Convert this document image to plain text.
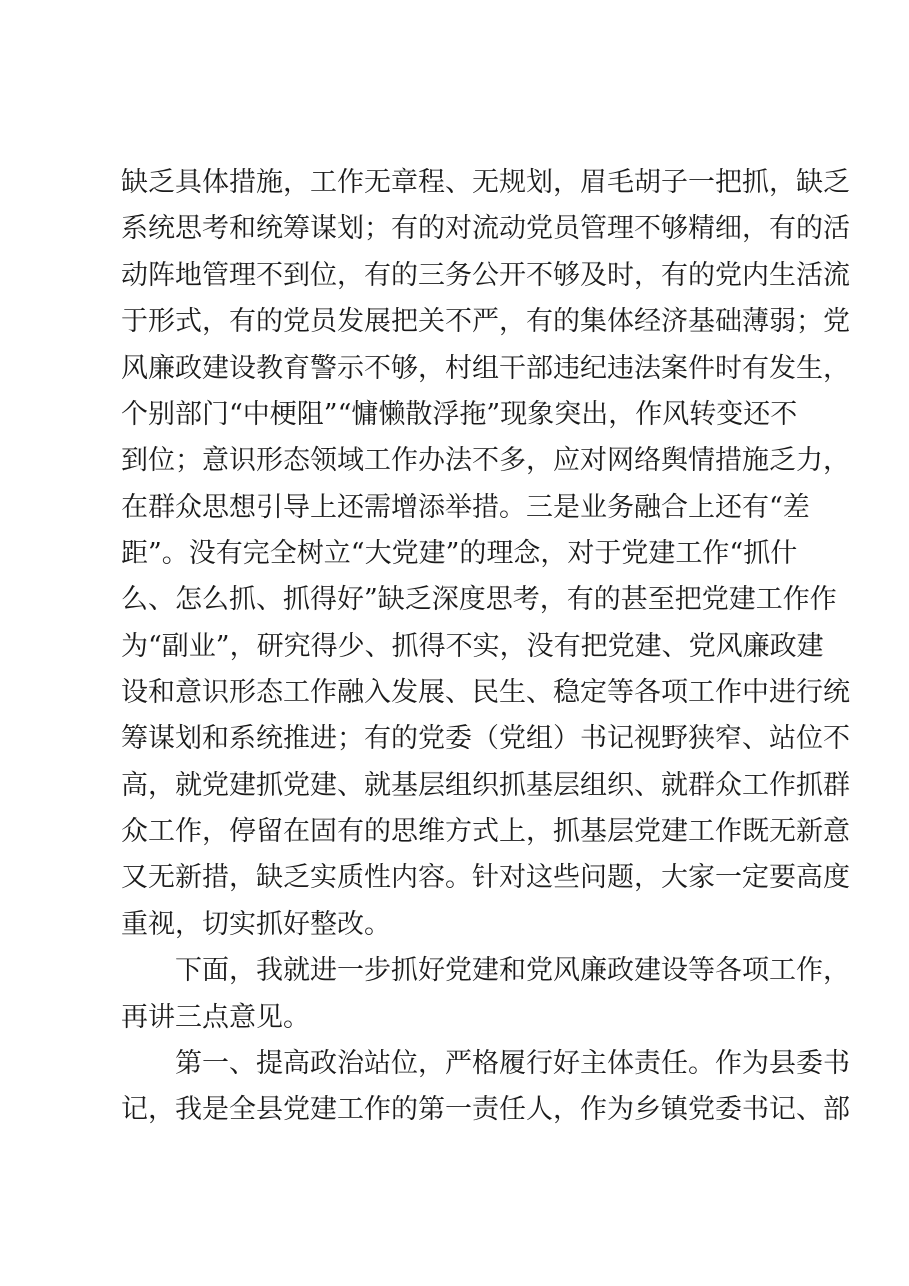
缺乏具体措施，工作无章程、无规划，眉毛胡子一把抓，缺乏
系统思考和统筹谋划；有的对流动党员管理不够精细，有的活
动阵地管理不到位，有的三务公开不够及时，有的党内生活流
于形式，有的党员发展把关不严，有的集体经济基础薄弱；党
风廉政建设教育警示不够，村组干部违纪违法案件时有发生，
个别部门“中梗阻”“慵懒散浮拖”现象突出，作风转变还不
到位；意识形态领域工作办法不多，应对网络舆情措施乏力，
在群众思想引导上还需增添举措。三是业务融合上还有“差
距”。没有完全树立“大党建”的理念，对于党建工作“抓什
么、怎么抓、抓得好”缺乏深度思考，有的甚至把党建工作作
为“副业”，研究得少、抓得不实，没有把党建、党风廉政建
设和意识形态工作融入发展、民生、稳定等各项工作中进行统
筹谋划和系统推进；有的党委（党组）书记视野狭窄、站位不
高，就党建抓党建、就基层组织抓基层组织、就群众工作抓群
众工作，停留在固有的思维方式上，抓基层党建工作既无新意
又无新措，缺乏实质性内容。针对这些问题，大家一定要高度
重视，切实抓好整改。
下面，我就进一步抓好党建和党风廉政建设等各项工作，
再讲三点意见。
第一、提高政治站位，严格履行好主体责任。作为县委书
记，我是全县党建工作的第一责任人，作为乡镇党委书记、部
